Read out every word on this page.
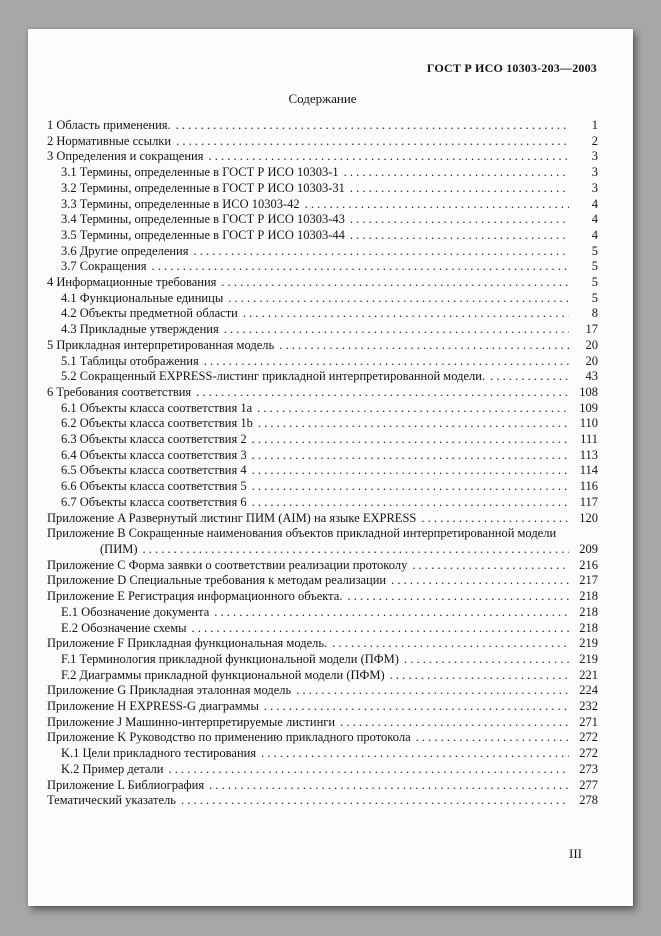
ГОСТ Р ИСО 10303-203—2003
Содержание
1 Область применения. . . .	1
2 Нормативные ссылки . . .	2
3 Определения и сокращения . . .	3
3.1 Термины, определенные в ГОСТ Р ИСО 10303-1 . . .	3
3.2 Термины, определенные в ГОСТ Р ИСО 10303-31 . . .	3
3.3 Термины, определенные в ИСО 10303-42 . . .	4
3.4 Термины, определенные в ГОСТ Р ИСО 10303-43 . . .	4
3.5 Термины, определенные в ГОСТ Р ИСО 10303-44 . . .	4
3.6 Другие определения . . .	5
3.7 Сокращения . . .	5
4 Информационные требования . . .	5
4.1 Функциональные единицы . . .	5
4.2 Объекты предметной области . . .	8
4.3 Прикладные утверждения . . .	17
5 Прикладная интерпретированная модель . . .	20
5.1 Таблицы отображения . . .	20
5.2 Сокращенный EXPRESS-листинг прикладной интерпретированной модели. . . .	43
6 Требования соответствия . . .	108
6.1 Объекты класса соответствия 1a . . .	109
6.2 Объекты класса соответствия 1b . . .	110
6.3 Объекты класса соответствия 2 . . .	111
6.4 Объекты класса соответствия 3 . . .	113
6.5 Объекты класса соответствия 4 . . .	114
6.6 Объекты класса соответствия 5 . . .	116
6.7 Объекты класса соответствия 6 . . .	117
Приложение A Развернутый листинг ПИМ (AIM) на языке EXPRESS . . .	120
Приложение B Сокращенные наименования объектов прикладной интерпретированной модели
(ПИМ) . . .	209
Приложение C Форма заявки о соответствии реализации протоколу . . .	216
Приложение D Специальные требования к методам реализации . . .	217
Приложение E Регистрация информационного объекта. . . .	218
E.1 Обозначение документа . . .	218
E.2 Обозначение схемы . . .	218
Приложение F Прикладная функциональная модель. . . .	219
F.1 Терминология прикладной функциональной модели (ПФМ) . . .	219
F.2 Диаграммы прикладной функциональной модели (ПФМ) . . .	221
Приложение G Прикладная эталонная модель . . .	224
Приложение H EXPRESS-G диаграммы . . .	232
Приложение J Машинно-интерпретируемые листинги . . .	271
Приложение K Руководство по применению прикладного протокола . . .	272
K.1 Цели прикладного тестирования . . .	272
K.2 Пример детали . . .	273
Приложение L Библиография . . .	277
Тематический указатель . . .	278
III
